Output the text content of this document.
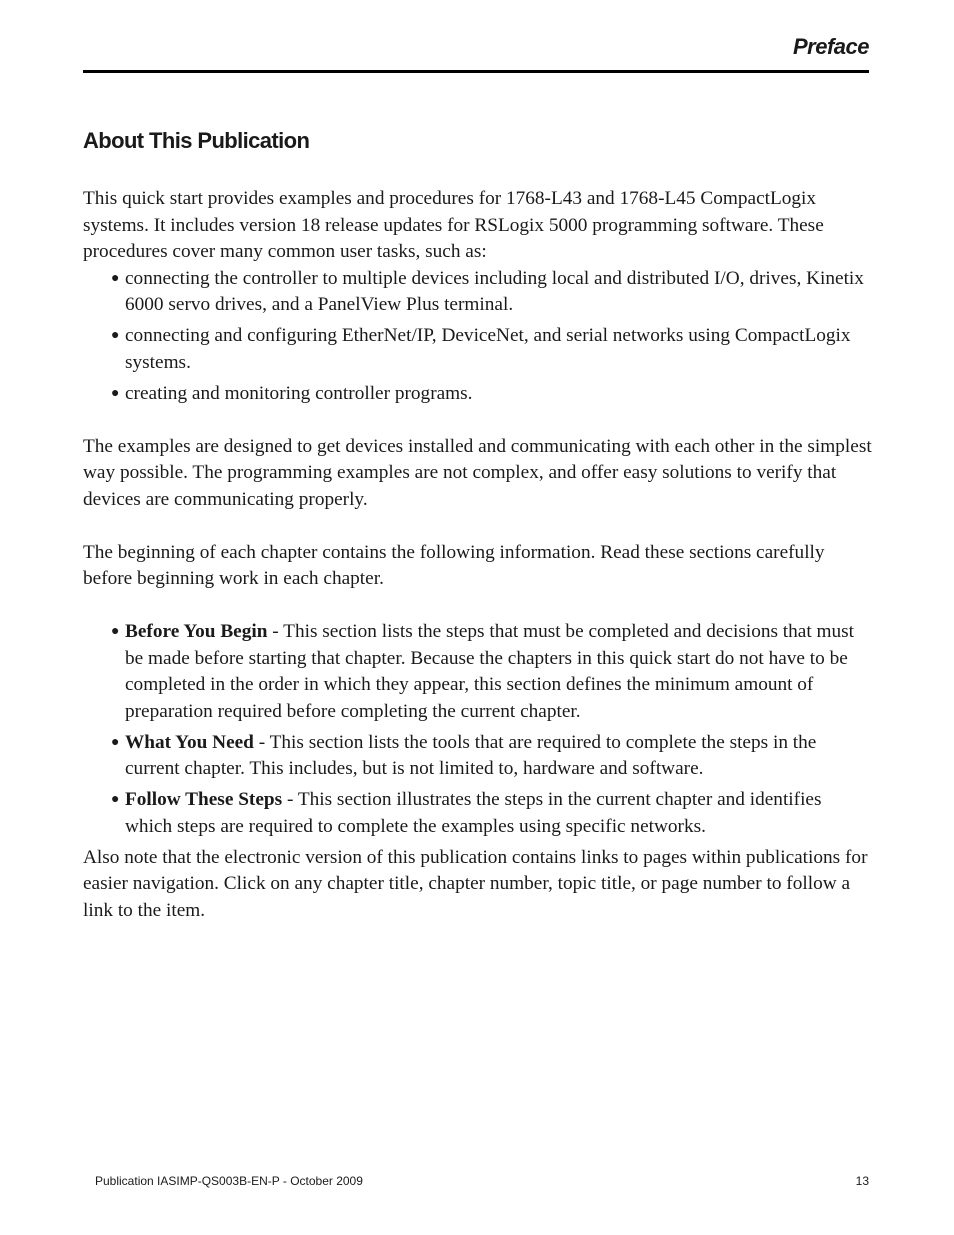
Preface
About This Publication

This quick start provides examples and procedures for 1768-L43 and 1768-L45 CompactLogix systems. It includes version 18 release updates for RSLogix 5000 programming software. These procedures cover many common user tasks, such as:

● connecting the controller to multiple devices including local and distributed I/O, drives, Kinetix 6000 servo drives, and a PanelView Plus terminal.
● connecting and configuring EtherNet/IP, DeviceNet, and serial networks using CompactLogix systems.
● creating and monitoring controller programs.

The examples are designed to get devices installed and communicating with each other in the simplest way possible. The programming examples are not complex, and offer easy solutions to verify that devices are communicating properly.

The beginning of each chapter contains the following information. Read these sections carefully before beginning work in each chapter.

● Before You Begin - This section lists the steps that must be completed and decisions that must be made before starting that chapter. Because the chapters in this quick start do not have to be completed in the order in which they appear, this section defines the minimum amount of preparation required before completing the current chapter.
● What You Need - This section lists the tools that are required to complete the steps in the current chapter. This includes, but is not limited to, hardware and software.
● Follow These Steps - This section illustrates the steps in the current chapter and identifies which steps are required to complete the examples using specific networks.

Also note that the electronic version of this publication contains links to pages within publications for easier navigation. Click on any chapter title, chapter number, topic title, or page number to follow a link to the item.

Publication IASIMP-QS003B-EN-P - October 2009	13
